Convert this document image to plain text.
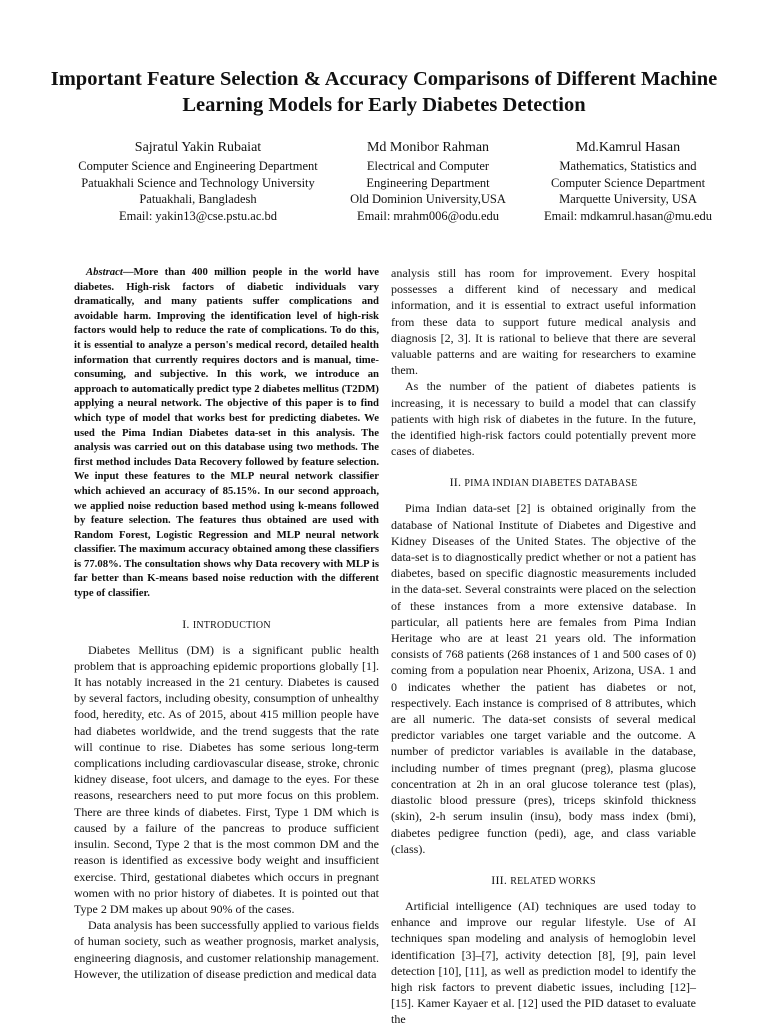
Important Feature Selection & Accuracy Comparisons of Different Machine Learning Models for Early Diabetes Detection
Sajratul Yakin Rubaiat
Computer Science and Engineering Department
Patuakhali Science and Technology University
Patuakhali, Bangladesh
Email: yakin13@cse.pstu.ac.bd
Md Monibor Rahman
Electrical and Computer
Engineering Department
Old Dominion University,USA
Email: mrahm006@odu.edu
Md.Kamrul Hasan
Mathematics, Statistics and
Computer Science Department
Marquette University, USA
Email: mdkamrul.hasan@mu.edu

Abstract—More than 400 million people in the world have diabetes. High-risk factors of diabetic individuals vary dramatically, and many patients suffer complications and avoidable harm. Improving the identification level of high-risk factors would help to reduce the rate of complications. To do this, it is essential to analyze a person's medical record, detailed health information that currently requires doctors and is manual, time-consuming, and subjective. In this work, we introduce an approach to automatically predict type 2 diabetes mellitus (T2DM) applying a neural network. The objective of this paper is to find which type of model that works best for predicting diabetes. We used the Pima Indian Diabetes data-set in this analysis. The analysis was carried out on this database using two methods. The first method includes Data Recovery followed by feature selection. We input these features to the MLP neural network classifier which achieved an accuracy of 85.15%. In our second approach, we applied noise reduction based method using k-means followed by feature selection. The features thus obtained are used with Random Forest, Logistic Regression and MLP neural network classifier. The maximum accuracy obtained among these classifiers is 77.08%. The consultation shows why Data recovery with MLP is far better than K-means based noise reduction with the different type of classifier.

I. INTRODUCTION

Diabetes Mellitus (DM) is a significant public health problem that is approaching epidemic proportions globally [1]. It has notably increased in the 21 century. Diabetes is caused by several factors, including obesity, consumption of unhealthy food, heredity, etc. As of 2015, about 415 million people have had diabetes worldwide, and the trend suggests that the rate will continue to rise. Diabetes has some serious long-term complications including cardiovascular disease, stroke, chronic kidney disease, foot ulcers, and damage to the eyes. For these reasons, researchers need to put more focus on this problem. There are three kinds of diabetes. First, Type 1 DM which is caused by a failure of the pancreas to produce sufficient insulin. Second, Type 2 that is the most common DM and the reason is identified as excessive body weight and insufficient exercise. Third, gestational diabetes which occurs in pregnant women with no prior history of diabetes. It is pointed out that Type 2 DM makes up about 90% of the cases.

Data analysis has been successfully applied to various fields of human society, such as weather prognosis, market analysis, engineering diagnosis, and customer relationship management. However, the utilization of disease prediction and medical data

analysis still has room for improvement. Every hospital possesses a different kind of necessary and medical information, and it is essential to extract useful information from these data to support future medical analysis and diagnosis [2, 3]. It is rational to believe that there are several valuable patterns and are waiting for researchers to examine them.

As the number of the patient of diabetes patients is increasing, it is necessary to build a model that can classify patients with high risk of diabetes in the future. In the future, the identified high-risk factors could potentially prevent more cases of diabetes.

II. PIMA INDIAN DIABETES DATABASE

Pima Indian data-set [2] is obtained originally from the database of National Institute of Diabetes and Digestive and Kidney Diseases of the United States. The objective of the data-set is to diagnostically predict whether or not a patient has diabetes, based on specific diagnostic measurements included in the data-set. Several constraints were placed on the selection of these instances from a more extensive database. In particular, all patients here are females from Pima Indian Heritage who are at least 21 years old. The information consists of 768 patients (268 instances of 1 and 500 cases of 0) coming from a population near Phoenix, Arizona, USA. 1 and 0 indicates whether the patient has diabetes or not, respectively. Each instance is comprised of 8 attributes, which are all numeric. The data-set consists of several medical predictor variables one target variable and the outcome. A number of predictor variables is available in the database, including number of times pregnant (preg), plasma glucose concentration at 2h in an oral glucose tolerance test (plas), diastolic blood pressure (pres), triceps skinfold thickness (skin), 2-h serum insulin (insu), body mass index (bmi), diabetes pedigree function (pedi), age, and class variable (class).

III. RELATED WORKS

Artificial intelligence (AI) techniques are used today to enhance and improve our regular lifestyle. Use of AI techniques span modeling and analysis of hemoglobin level identification [3]–[7], activity detection [8], [9], pain level detection [10], [11], as well as prediction model to identify the high risk factors to prevent diabetic issues, including [12]–[15]. Kamer Kayaer et al. [12] used the PID dataset to evaluate the
